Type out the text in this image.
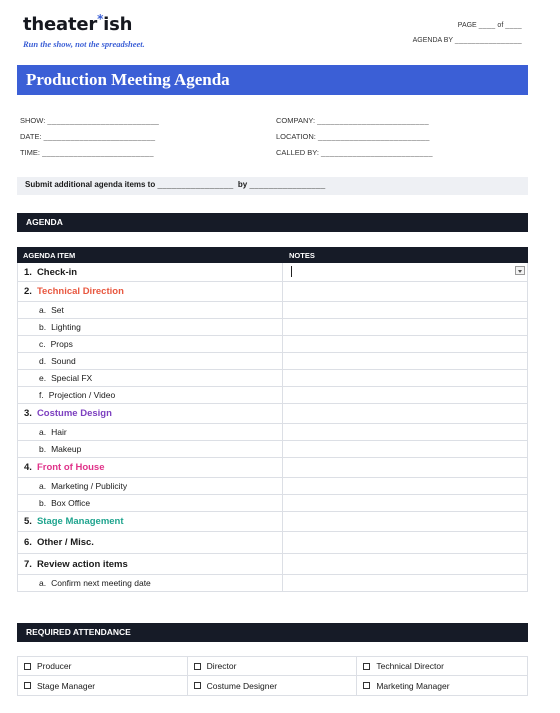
theater*ish
Run the show, not the spreadsheet.
PAGE ____ of ____
AGENDA BY ________________
Production Meeting Agenda
SHOW: _________________________
DATE: _________________________
TIME: _________________________
COMPANY: _________________________
LOCATION: _________________________
CALLED BY: _________________________
Submit additional agenda items to ________________ by ________________
AGENDA
AGENDA ITEM	NOTES
1. Check-in
2. Technical Direction
a. Set
b. Lighting
c. Props
d. Sound
e. Special FX
f. Projection / Video
3. Costume Design
a. Hair
b. Makeup
4. Front of House
a. Marketing / Publicity
b. Box Office
5. Stage Management
6. Other / Misc.
7. Review action items
a. Confirm next meeting date
REQUIRED ATTENDANCE
Producer	Director	Technical Director
Stage Manager	Costume Designer	Marketing Manager
